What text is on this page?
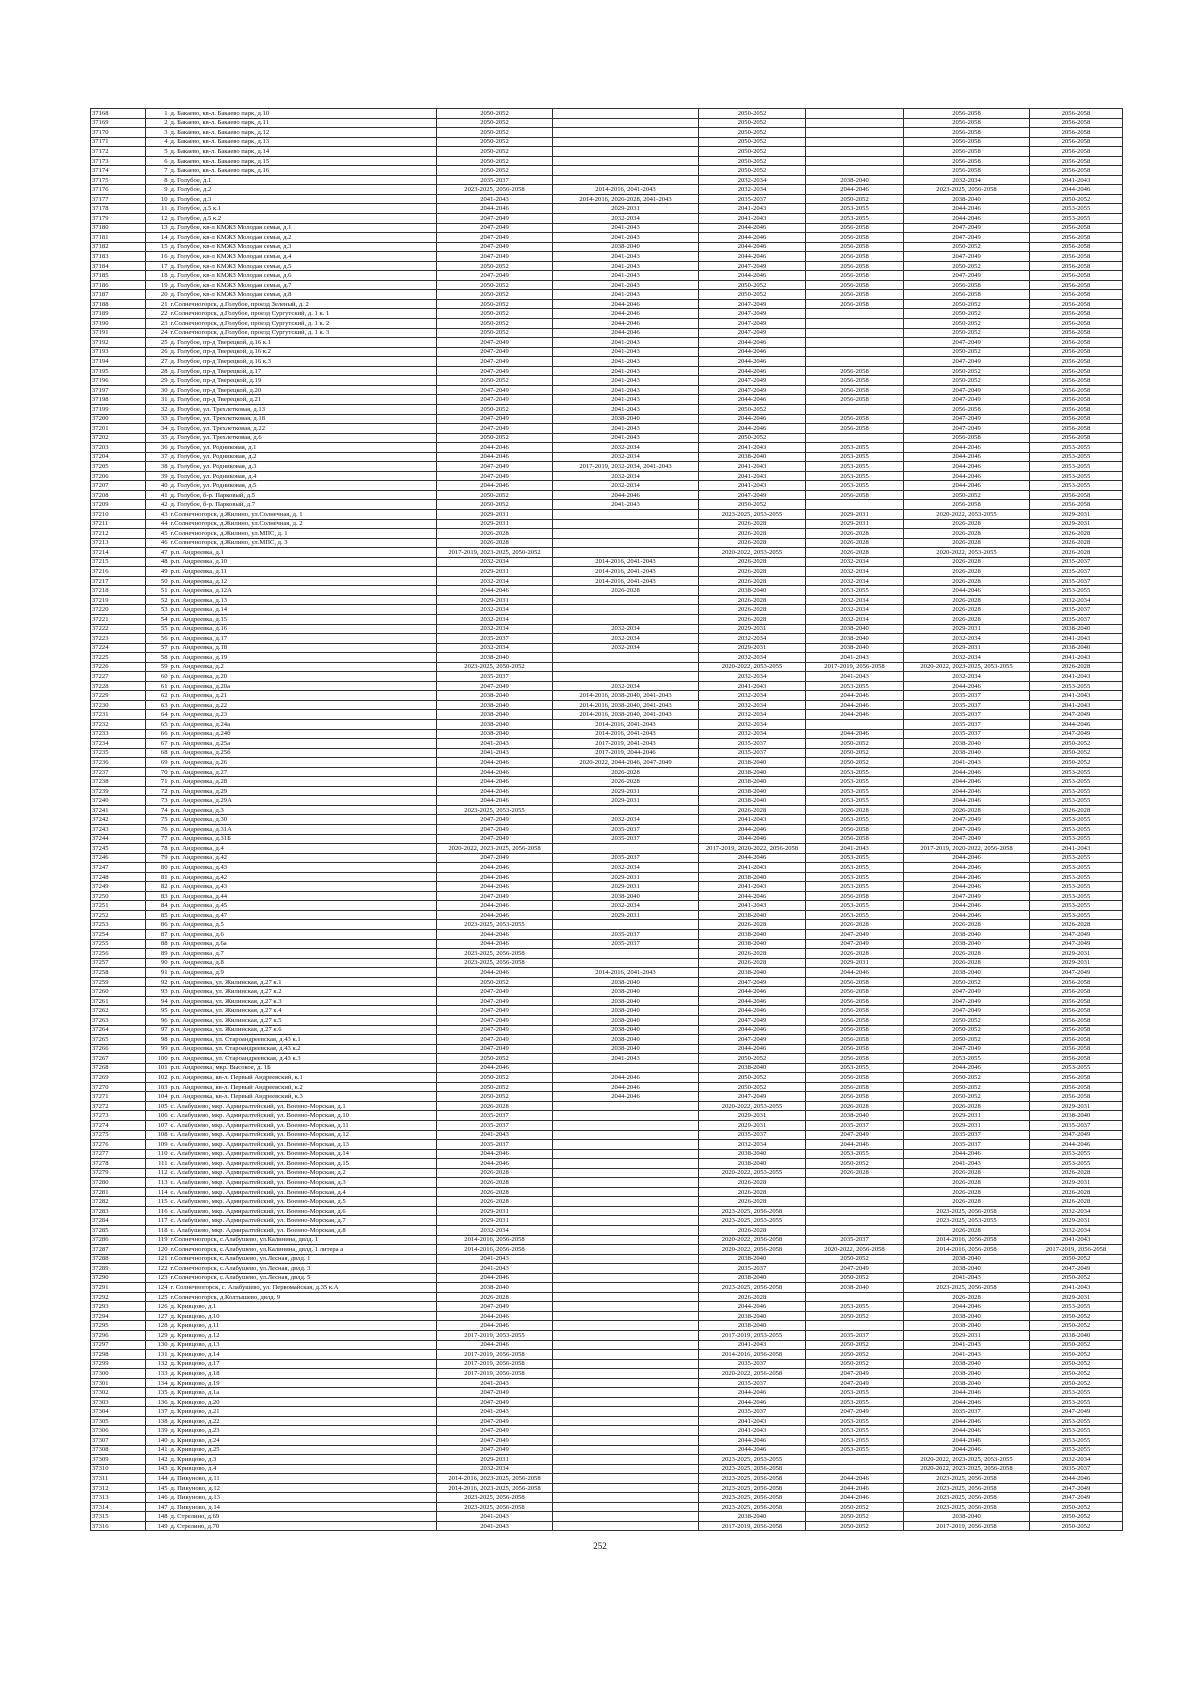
37168	1	д. Бакаево, кв-л. Бакаево парк, д.10	2050-2052		2050-2052		2056-2058	2056-2058
37169	2	д. Бакаево, кв-л. Бакаево парк, д.11	2050-2052		2050-2052		2056-2058	2056-2058
37170	3	д. Бакаево, кв-л. Бакаево парк, д.12	2050-2052		2050-2052		2056-2058	2056-2058
37171	4	д. Бакаево, кв-л. Бакаево парк, д.13	2050-2052		2050-2052		2056-2058	2056-2058
37172	5	д. Бакаево, кв-л. Бакаево парк, д.14	2050-2052		2050-2052		2056-2058	2056-2058
37173	6	д. Бакаево, кв-л. Бакаево парк, д.15	2050-2052		2050-2052		2056-2058	2056-2058
37174	7	д. Бакаево, кв-л. Бакаево парк, д.16	2050-2052		2050-2052		2056-2058	2056-2058
37175	8	д. Голубое, д.1	2035-2037		2032-2034	2038-2040	2032-2034	2041-2043
37176	9	д. Голубое, д.2	2023-2025, 2056-2058	2014-2016, 2041-2043	2032-2034	2044-2046	2023-2025, 2056-2058	2044-2046
37177	10	д. Голубое, д.3	2041-2043	2014-2016, 2026-2028, 2041-2043	2035-2037	2050-2052	2038-2040	2050-2052
37178	11	д. Голубое, д.5 к.1	2044-2046	2029-2031	2041-2043	2053-2055	2044-2046	2053-2055
37179	12	д. Голубое, д.5 к.2	2047-2049	2032-2034	2041-2043	2053-2055	2044-2046	2053-2055
37180	13	д. Голубое, кв-л КМЖЗ Молодая семья, д.1	2047-2049	2041-2043	2044-2046	2056-2058	2047-2049	2056-2058
37181	14	д. Голубое, кв-л КМЖЗ Молодая семья, д.2	2047-2049	2041-2043	2044-2046	2056-2058	2047-2049	2056-2058
37182	15	д. Голубое, кв-л КМЖЗ Молодая семья, д.3	2047-2049	2038-2040	2044-2046	2056-2058	2050-2052	2056-2058
37183	16	д. Голубое, кв-л КМЖЗ Молодая семья, д.4	2047-2049	2041-2043	2044-2046	2056-2058	2047-2049	2056-2058
37184	17	д. Голубое, кв-л КМЖЗ Молодая семья, д.5	2050-2052	2041-2043	2047-2049	2056-2058	2050-2052	2056-2058
37185	18	д. Голубое, кв-л КМЖЗ Молодая семья, д.6	2047-2049	2041-2043	2044-2046	2056-2058	2047-2049	2056-2058
37186	19	д. Голубое, кв-л КМЖЗ Молодая семья, д.7	2050-2052	2041-2043	2050-2052	2056-2058	2056-2058	2056-2058
37187	20	д. Голубое, кв-л КМЖЗ Молодая семья, д.8	2050-2052	2041-2043	2050-2052	2056-2058	2056-2058	2056-2058
37188	21	г.Солнечногорск, д.Голубое, проезд Зеленый, д. 2	2050-2052	2044-2046	2047-2049	2056-2058	2050-2052	2056-2058
37189	22	г.Солнечногорск, д.Голубое, проезд Сургутский, д. 1 к. 1	2050-2052	2044-2046	2047-2049		2050-2052	2056-2058
37190	23	г.Солнечногорск, д.Голубое, проезд Сургутский, д. 1 к. 2	2050-2052	2044-2046	2047-2049		2050-2052	2056-2058
37191	24	г.Солнечногорск, д.Голубое, проезд Сургутский, д. 1 к. 3	2050-2052	2044-2046	2047-2049		2050-2052	2056-2058
37192	25	д. Голубое, пр-д Тверецкой, д.16 к.1	2047-2049	2041-2043	2044-2046		2047-2049	2056-2058
37193	26	д. Голубое, пр-д Тверецкой, д.16 к.2	2047-2049	2041-2043	2044-2046		2050-2052	2056-2058
37194	27	д. Голубое, пр-д Тверецкой, д.16 к.3	2047-2049	2041-2043	2044-2046		2047-2049	2056-2058
37195	28	д. Голубое, пр-д Тверецкой, д.17	2047-2049	2041-2043	2044-2046	2056-2058	2050-2052	2056-2058
37196	29	д. Голубое, пр-д Тверецкой, д.19	2050-2052	2041-2043	2047-2049	2056-2058	2050-2052	2056-2058
37197	30	д. Голубое, пр-д Тверецкой, д.20	2047-2049	2041-2043	2047-2049	2056-2058	2047-2049	2056-2058
37198	31	д. Голубое, пр-д Тверецкой, д.21	2047-2049	2041-2043	2044-2046	2056-2058	2047-2049	2056-2058
37199	32	д. Голубое, ул. Трехлетковая, д.13	2050-2052	2041-2043	2050-2052		2056-2058	2056-2058
37200	33	д. Голубое, ул. Трехлетковая, д.18	2047-2049	2038-2040	2044-2046	2056-2058	2047-2049	2056-2058
37201	34	д. Голубое, ул. Трехлетковая, д.22	2047-2049	2041-2043	2044-2046	2056-2058	2047-2049	2056-2058
37202	35	д. Голубое, ул. Трехлетковая, д.6	2050-2052	2041-2043	2050-2052		2056-2058	2056-2058
37203	36	д. Голубое, ул. Родниковая, д.1	2044-2046	2032-2034	2041-2043	2053-2055	2044-2046	2053-2055
37204	37	д. Голубое, ул. Родниковая, д.2	2044-2046	2032-2034	2038-2040	2053-2055	2044-2046	2053-2055
37205	38	д. Голубое, ул. Родниковая, д.3	2047-2049	2017-2019, 2032-2034, 2041-2043	2041-2043	2053-2055	2044-2046	2053-2055
37206	39	д. Голубое, ул. Родниковая, д.4	2047-2049	2032-2034	2041-2043	2053-2055	2044-2046	2053-2055
37207	40	д. Голубое, ул. Родниковая, д.5	2044-2046	2032-2034	2041-2043	2053-2055	2044-2046	2053-2055
37208	41	д. Голубое, б-р. Парковый, д.5	2050-2052	2044-2046	2047-2049	2056-2058	2050-2052	2056-2058
37209	42	д. Голубое, б-р. Парковый, д.7	2050-2052	2041-2043	2050-2052		2056-2058	2056-2058
37210	43	г.Солнечногорск, д.Жилино, ул.Солнечная, д. 1	2029-2031		2023-2025, 2053-2055	2029-2031	2020-2022, 2053-2055	2029-2031
37211	44	г.Солнечногорск, д.Жилино, ул.Солнечная, д. 2	2029-2031		2026-2028	2029-2031	2026-2028	2029-2031
37212	45	г.Солнечногорск, д.Жилино, ул.МПС, д. 1	2026-2028		2026-2028	2026-2028	2026-2028	2026-2028
37213	46	г.Солнечногорск, д.Жилино, ул.МПС, д. 3	2026-2028		2026-2028	2026-2028	2026-2028	2026-2028
37214	47	р.п. Андреевка, д.1	2017-2019, 2023-2025, 2050-2052		2020-2022, 2053-2055	2026-2028	2020-2022, 2053-2055	2026-2028
37215	48	р.п. Андреевка, д.10	2032-2034	2014-2016, 2041-2043	2026-2028	2032-2034	2026-2028	2035-2037
37216	49	р.п. Андреевка, д.11	2029-2031	2014-2016, 2041-2043	2026-2028	2032-2034	2026-2028	2035-2037
37217	50	р.п. Андреевка, д.12	2032-2034	2014-2016, 2041-2043	2026-2028	2032-2034	2026-2028	2035-2037
37218	51	р.п. Андреевка, д.12А	2044-2046	2026-2028	2038-2040	2053-2055	2044-2046	2053-2055
37219	52	р.п. Андреевка, д.13	2029-2031		2026-2028	2032-2034	2026-2028	2032-2034
37220	53	р.п. Андреевка, д.14	2032-2034		2026-2028	2032-2034	2026-2028	2035-2037
37221	54	р.п. Андреевка, д.15	2032-2034		2026-2028	2032-2034	2026-2028	2035-2037
37222	55	р.п. Андреевка, д.16	2032-2034	2032-2034	2029-2031	2038-2040	2029-2031	2038-2040
37223	56	р.п. Андреевка, д.17	2035-2037	2032-2034	2032-2034	2038-2040	2032-2034	2041-2043
37224	57	р.п. Андреевка, д.18	2032-2034	2032-2034	2029-2031	2038-2040	2029-2031	2038-2040
37225	58	р.п. Андреевка, д.19	2038-2040		2032-2034	2041-2043	2032-2034	2041-2043
37226	59	р.п. Андреевка, д.2	2023-2025, 2050-2052		2020-2022, 2053-2055	2017-2019, 2056-2058	2020-2022, 2023-2025, 2053-2055	2026-2028
37227	60	р.п. Андреевка, д.20	2035-2037		2032-2034	2041-2043	2032-2034	2041-2043
37228	61	р.п. Андреевка, д.20а	2047-2049	2032-2034	2041-2043	2053-2055	2044-2046	2053-2055
37229	62	р.п. Андреевка, д.21	2038-2040	2014-2016, 2038-2040, 2041-2043	2032-2034	2044-2046	2035-2037	2041-2043
37230	63	р.п. Андреевка, д.22	2038-2040	2014-2016, 2038-2040, 2041-2043	2032-2034	2044-2046	2035-2037	2041-2043
37231	64	р.п. Андреевка, д.23	2038-2040	2014-2016, 2038-2040, 2041-2043	2032-2034	2044-2046	2035-2037	2047-2049
37232	65	р.п. Андреевка, д.24а	2038-2040	2014-2016, 2041-2043	2032-2034		2035-2037	2044-2046
37233	66	р.п. Андреевка, д.24б	2038-2040	2014-2016, 2041-2043	2032-2034	2044-2046	2035-2037	2047-2049
37234	67	р.п. Андреевка, д.25а	2041-2043	2017-2019, 2041-2043	2035-2037	2050-2052	2038-2040	2050-2052
37235	68	р.п. Андреевка, д.25б	2041-2043	2017-2019, 2044-2046	2035-2037	2050-2052	2038-2040	2050-2052
37236	69	р.п. Андреевка, д.26	2044-2046	2020-2022, 2044-2046, 2047-2049	2038-2040	2050-2052	2041-2043	2050-2052
37237	70	р.п. Андреевка, д.27	2044-2046	2026-2028	2038-2040	2053-2055	2044-2046	2053-2055
37238	71	р.п. Андреевка, д.28	2044-2046	2026-2028	2038-2040	2053-2055	2044-2046	2053-2055
37239	72	р.п. Андреевка, д.29	2044-2046	2029-2031	2038-2040	2053-2055	2044-2046	2053-2055
37240	73	р.п. Андреевка, д.29А	2044-2046	2029-2031	2038-2040	2053-2055	2044-2046	2053-2055
37241	74	р.п. Андреевка, д.3	2023-2025, 2053-2055		2026-2028	2026-2028	2026-2028	2026-2028
37242	75	р.п. Андреевка, д.30	2047-2049	2032-2034	2041-2043	2053-2055	2047-2049	2053-2055
37243	76	р.п. Андреевка, д.31А	2047-2049	2035-2037	2044-2046	2056-2058	2047-2049	2053-2055
37244	77	р.п. Андреевка, д.31Б	2047-2049	2035-2037	2044-2046	2056-2058	2047-2049	2053-2055
37245	78	р.п. Андреевка, д.4	2020-2022, 2023-2025, 2056-2058		2017-2019, 2020-2022, 2056-2058	2041-2043	2017-2019, 2020-2022, 2056-2058	2041-2043
37246	79	р.п. Андреевка, д.42	2047-2049	2035-2037	2044-2046	2053-2055	2044-2046	2053-2055
37247	80	р.п. Андреевка, д.43	2044-2046	2032-2034	2041-2043	2053-2055	2044-2046	2053-2055
37248	81	р.п. Андреевка, д.42	2044-2046	2029-2031	2038-2040	2053-2055	2044-2046	2053-2055
37249	82	р.п. Андреевка, д.43	2044-2046	2029-2031	2041-2043	2053-2055	2044-2046	2053-2055
37250	83	р.п. Андреевка, д.44	2047-2049	2038-2040	2044-2046	2056-2058	2047-2049	2053-2055
37251	84	р.п. Андреевка, д.45	2044-2046	2032-2034	2041-2043	2053-2055	2044-2046	2053-2055
37252	85	р.п. Андреевка, д.47	2044-2046	2029-2031	2038-2040	2053-2055	2044-2046	2053-2055
37253	86	р.п. Андреевка, д.5	2023-2025, 2053-2055		2026-2028	2026-2028	2026-2028	2026-2028
37254	87	р.п. Андреевка, д.6	2044-2046	2035-2037	2038-2040	2047-2049	2038-2040	2047-2049
37255	88	р.п. Андреевка, д.6а	2044-2046	2035-2037	2038-2040	2047-2049	2038-2040	2047-2049
37256	89	р.п. Андреевка, д.7	2023-2025, 2056-2058		2026-2028	2026-2028	2026-2028	2029-2031
37257	90	р.п. Андреевка, д.8	2023-2025, 2056-2058		2026-2028	2029-2031	2026-2028	2029-2031
37258	91	р.п. Андреевка, д.9	2044-2046	2014-2016, 2041-2043	2038-2040	2044-2046	2038-2040	2047-2049
37259	92	р.п. Андреевка, ул. Жилинская, д.27 к.1	2050-2052	2038-2040	2047-2049	2056-2058	2050-2052	2056-2058
37260	93	р.п. Андреевка, ул. Жилинская, д.27 к.2	2047-2049	2038-2040	2044-2046	2056-2058	2047-2049	2056-2058
37261	94	р.п. Андреевка, ул. Жилинская, д.27 к.3	2047-2049	2038-2040	2044-2046	2056-2058	2047-2049	2056-2058
37262	95	р.п. Андреевка, ул. Жилинская, д.27 к.4	2047-2049	2038-2040	2044-2046	2056-2058	2047-2049	2056-2058
37263	96	р.п. Андреевка, ул. Жилинская, д.27 к.5	2047-2049	2038-2040	2047-2049	2056-2058	2050-2052	2056-2058
37264	97	р.п. Андреевка, ул. Жилинская, д.27 к.6	2047-2049	2038-2040	2044-2046	2056-2058	2050-2052	2056-2058
37265	98	р.п. Андреевка, ул. Староандреевская, д.43 к.1	2047-2049	2038-2040	2047-2049	2056-2058	2050-2052	2056-2058
37266	99	р.п. Андреевка, ул. Староандреевская, д.43 к.2	2047-2049	2038-2040	2044-2046	2056-2058	2047-2049	2056-2058
37267	100	р.п. Андреевка, ул. Староандреевская, д.43 к.3	2050-2052	2041-2043	2050-2052	2056-2058	2053-2055	2056-2058
37268	101	р.п. Андреевка, мкр. Высокое, д. 1Б	2044-2046		2038-2040	2053-2055	2044-2046	2053-2055
37269	102	р.п. Андреевка, кв-л. Первый Андреевский, к.1	2050-2052	2044-2046	2050-2052	2056-2058	2050-2052	2056-2058
37270	103	р.п. Андреевка, кв-л. Первый Андреевский, к.2	2050-2052	2044-2046	2050-2052	2056-2058	2050-2052	2056-2058
37271	104	р.п. Андреевка, кв-л. Первый Андреевский, к.3	2050-2052	2044-2046	2047-2049	2056-2058	2050-2052	2056-2058
37272	105	с. Алабушево, мкр. Адмиралтейский, ул. Военно-Морская, д.1	2026-2028		2020-2022, 2053-2055	2026-2028	2026-2028	2029-2031
37273	106	с. Алабушево, мкр. Адмиралтейский, ул. Военно-Морская, д.10	2035-2037		2029-2031	2038-2040	2029-2031	2038-2040
37274	107	с. Алабушево, мкр. Адмиралтейский, ул. Военно-Морская, д.11	2035-2037		2029-2031	2035-2037	2029-2031	2035-2037
37275	108	с. Алабушево, мкр. Адмиралтейский, ул. Военно-Морская, д.12	2041-2043		2035-2037	2047-2049	2035-2037	2047-2049
37276	109	с. Алабушево, мкр. Адмиралтейский, ул. Военно-Морская, д.13	2035-2037		2032-2034	2044-2046	2035-2037	2044-2046
37277	110	с. Алабушево, мкр. Адмиралтейский, ул. Военно-Морская, д.14	2044-2046		2038-2040	2053-2055	2044-2046	2053-2055
37278	111	с. Алабушево, мкр. Адмиралтейский, ул. Военно-Морская, д.15	2044-2046		2038-2040	2050-2052	2041-2043	2053-2055
37279	112	с. Алабушево, мкр. Адмиралтейский, ул. Военно-Морская, д.2	2026-2028		2020-2022, 2053-2055	2026-2028	2026-2028	2026-2028
37280	113	с. Алабушево, мкр. Адмиралтейский, ул. Военно-Морская, д.3	2026-2028		2026-2028		2026-2028	2029-2031
37281	114	с. Алабушево, мкр. Адмиралтейский, ул. Военно-Морская, д.4	2026-2028		2026-2028		2026-2028	2026-2028
37282	115	с. Алабушево, мкр. Адмиралтейский, ул. Военно-Морская, д.5	2026-2028		2026-2028		2026-2028	2026-2028
37283	116	с. Алабушево, мкр. Адмиралтейский, ул. Военно-Морская, д.6	2029-2031		2023-2025, 2056-2058		2023-2025, 2056-2058	2032-2034
37284	117	с. Алабушево, мкр. Адмиралтейский, ул. Военно-Морская, д.7	2029-2031		2023-2025, 2053-2055		2023-2025, 2053-2055	2029-2031
37285	118	с. Алабушево, мкр. Адмиралтейский, ул. Военно-Морская, д.8	2032-2034		2026-2028		2026-2028	2032-2034
37286	119	г.Солнечногорск, с.Алабушево, ул.Калинина, двлд. 1	2014-2016, 2056-2058		2020-2022, 2056-2058	2035-2037	2014-2016, 2056-2058	2041-2043
37287	120	г.Солнечногорск, с.Алабушево, ул.Калинина, двлд. 1 литера а	2014-2016, 2056-2058		2020-2022, 2056-2058	2020-2022, 2056-2058	2014-2016, 2056-2058	2017-2019, 2056-2058
37288	121	г.Солнечногорск, с.Алабушево, ул.Лесная, двлд. 1	2041-2043		2038-2040	2050-2052	2038-2040	2050-2052
37289	122	г.Солнечногорск, с.Алабушево, ул.Лесная, двлд. 3	2041-2043		2035-2037	2047-2049	2038-2040	2047-2049
37290	123	г.Солнечногорск, с.Алабушево, ул.Лесная, двлд. 5	2044-2046		2038-2040	2050-2052	2041-2043	2050-2052
37291	124	г. Солнечногорск, с. Алабушево, ул. Первомайская, д.35 к.А	2038-2040		2023-2025, 2056-2058	2038-2040	2023-2025, 2056-2058	2041-2043
37292	125	г.Солнечногорск, д.Колтышево, двлд. 9	2026-2028		2026-2028		2026-2028	2029-2031
37293	126	д. Кривцово, д.1	2047-2049		2044-2046	2053-2055	2044-2046	2053-2055
37294	127	д. Кривцово, д.10	2044-2046		2038-2040	2050-2052	2038-2040	2050-2052
37295	128	д. Кривцово, д.11	2044-2046		2038-2040		2038-2040	2050-2052
37296	129	д. Кривцово, д.12	2017-2019, 2053-2055		2017-2019, 2053-2055	2035-2037	2029-2031	2038-2040
37297	130	д. Кривцово, д.13	2044-2046		2041-2043	2050-2052	2041-2043	2050-2052
37298	131	д. Кривцово, д.14	2017-2019, 2056-2058		2014-2016, 2056-2058	2050-2052	2041-2043	2050-2052
37299	132	д. Кривцово, д.17	2017-2019, 2056-2058		2035-2037	2050-2052	2038-2040	2050-2052
37300	133	д. Кривцово, д.18	2017-2019, 2056-2058		2020-2022, 2056-2058	2047-2049	2038-2040	2050-2052
37301	134	д. Кривцово, д.19	2041-2043		2035-2037	2047-2049	2038-2040	2050-2052
37302	135	д. Кривцово, д.1а	2047-2049		2044-2046	2053-2055	2044-2046	2053-2055
37303	136	д. Кривцово, д.20	2047-2049		2044-2046	2053-2055	2044-2046	2053-2055
37304	137	д. Кривцово, д.21	2041-2043		2035-2037	2047-2049	2035-2037	2047-2049
37305	138	д. Кривцово, д.22	2047-2049		2041-2043	2053-2055	2044-2046	2053-2055
37306	139	д. Кривцово, д.23	2047-2049		2041-2043	2053-2055	2044-2046	2053-2055
37307	140	д. Кривцово, д.24	2047-2049		2044-2046	2053-2055	2044-2046	2053-2055
37308	141	д. Кривцово, д.25	2047-2049		2044-2046	2053-2055	2044-2046	2053-2055
37309	142	д. Кривцово, д.3	2029-2031		2023-2025, 2053-2055		2020-2022, 2023-2025, 2053-2055	2032-2034
37310	143	д. Кривцово, д.4	2032-2034		2023-2025, 2056-2058		2020-2022, 2023-2025, 2056-2058	2035-2037
37311	144	д. Пикуново, д.11	2014-2016, 2023-2025, 2056-2058		2023-2025, 2056-2058	2044-2046	2023-2025, 2056-2058	2044-2046
37312	145	д. Пикуново, д.12	2014-2016, 2023-2025, 2056-2058		2023-2025, 2056-2058	2044-2046	2023-2025, 2056-2058	2047-2049
37313	146	д. Пикуново, д.13	2023-2025, 2056-2058		2023-2025, 2056-2058	2044-2046	2023-2025, 2056-2058	2047-2049
37314	147	д. Пикуново, д.14	2023-2025, 2056-2058		2023-2025, 2056-2058	2050-2052	2023-2025, 2056-2058	2050-2052
37315	148	д. Стрелино, д.69	2041-2043		2038-2040	2050-2052	2038-2040	2050-2052
37316	149	д. Стрелино, д.70	2041-2043		2017-2019, 2056-2058	2050-2052	2017-2019, 2056-2058	2050-2052
252
